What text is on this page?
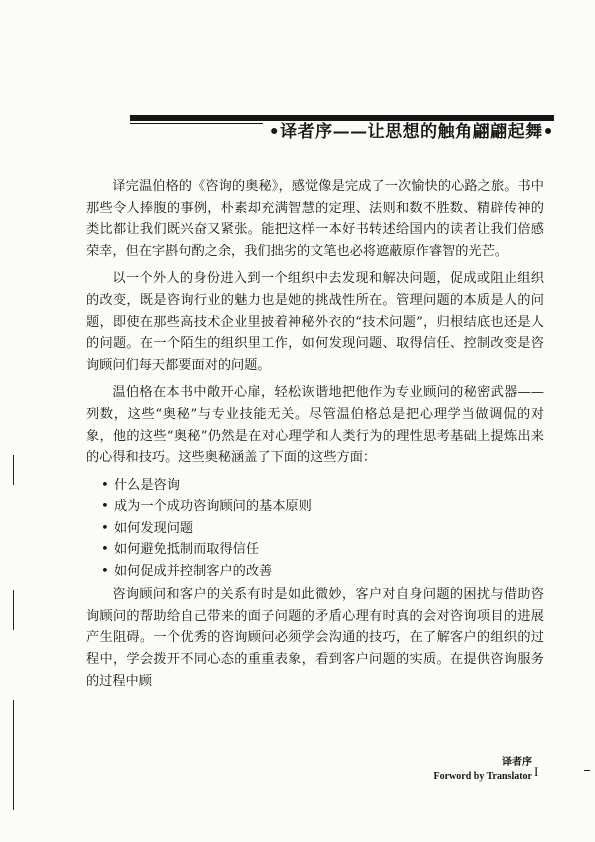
•译者序——让思想的触角翩翩起舞•

译完温伯格的《咨询的奥秘》，感觉像是完成了一次愉快的心路之旅。书中那些令人捧腹的事例，朴素却充满智慧的定理、法则和数不胜数、精辟传神的类比都让我们既兴奋又紧张。能把这样一本好书转述给国内的读者让我们倍感荣幸，但在字斟句酌之余，我们拙劣的文笔也必将遮蔽原作睿智的光芒。

以一个外人的身份进入到一个组织中去发现和解决问题，促成或阻止组织的改变，既是咨询行业的魅力也是她的挑战性所在。管理问题的本质是人的问题，即使在那些高技术企业里披着神秘外衣的“技术问题”，归根结底也还是人的问题。在一个陌生的组织里工作，如何发现问题、取得信任、控制改变是咨询顾问们每天都要面对的问题。

温伯格在本书中敞开心扉，轻松诙谐地把他作为专业顾问的秘密武器——列数，这些“奥秘”与专业技能无关。尽管温伯格总是把心理学当做调侃的对象，他的这些“奥秘”仍然是在对心理学和人类行为的理性思考基础上提炼出来的心得和技巧。这些奥秘涵盖了下面的这些方面：

• 什么是咨询
• 成为一个成功咨询顾问的基本原则
• 如何发现问题
• 如何避免抵制而取得信任
• 如何促成并控制客户的改善

咨询顾问和客户的关系有时是如此微妙，客户对自身问题的困扰与借助咨询顾问的帮助给自己带来的面子问题的矛盾心理有时真的会对咨询项目的进展产生阻碍。一个优秀的咨询顾问必须学会沟通的技巧，在了解客户的组织的过程中，学会拨开不同心态的重重表象，看到客户问题的实质。在提供咨询服务的过程中顾

译者序
Forword by Translator I
